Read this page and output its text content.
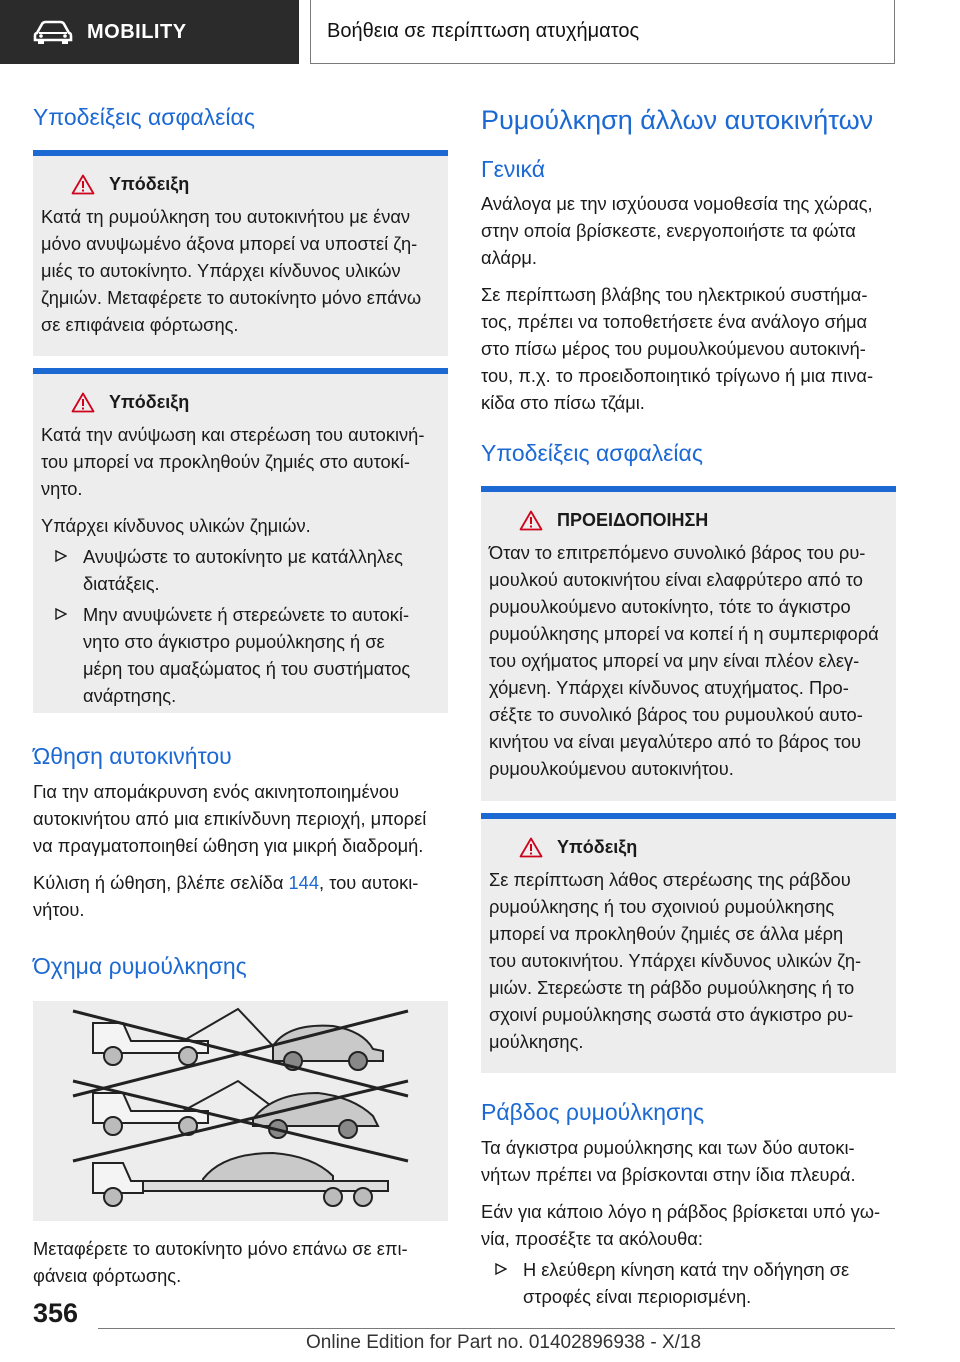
MOBILITY	Βοήθεια σε περίπτωση ατυχήματος
Υποδείξεις ασφαλείας
Υπόδειξη

Κατά τη ρυμούλκηση του αυτοκινήτου με έναν

μόνο ανυψωμένο άξονα μπορεί να υποστεί ζη‐

μιές το αυτοκίνητο. Υπάρχει κίνδυνος υλικών

ζημιών. Μεταφέρετε το αυτοκίνητο μόνο επάνω

σε επιφάνεια φόρτωσης.

Υπόδειξη

Κατά την ανύψωση και στερέωση του αυτοκινή‐

του μπορεί να προκληθούν ζημιές στο αυτοκί‐

νητο.

Υπάρχει κίνδυνος υλικών ζημιών.

Ανυψώστε το αυτοκίνητο με κατάλληλες
διατάξεις.
Μην ανυψώνετε ή στερεώνετε το αυτοκί‐
νητο στο άγκιστρο ρυμούλκησης ή σε
μέρη του αμαξώματος ή του συστήματος
ανάρτησης.
Ώθηση αυτοκινήτου

Για την απομάκρυνση ενός ακινητοποιημένου

αυτοκινήτου από μια επικίνδυνη περιοχή, μπορεί

να πραγματοποιηθεί ώθηση για μικρή διαδρομή.

Κύλιση ή ώθηση, βλέπε σελίδα 144, του αυτοκι‐

νήτου.

Όχημα ρυμούλκησης

Μεταφέρετε το αυτοκίνητο μόνο επάνω σε επι‐

φάνεια φόρτωσης.

Ρυμούλκηση άλλων αυτοκινήτων
Γενικά

Ανάλογα με την ισχύουσα νομοθεσία της χώρας,

στην οποία βρίσκεστε, ενεργοποιήστε τα φώτα

αλάρμ.

Σε περίπτωση βλάβης του ηλεκτρικού συστήμα‐

τος, πρέπει να τοποθετήσετε ένα ανάλογο σήμα

στο πίσω μέρος του ρυμουλκούμενου αυτοκινή‐

του, π.χ. το προειδοποιητικό τρίγωνο ή μια πινα‐

κίδα στο πίσω τζάμι.

Υποδείξεις ασφαλείας
ΠΡΟΕΙΔΟΠΟΙΗΣΗ

Όταν το επιτρεπόμενο συνολικό βάρος του ρυ‐

μουλκού αυτοκινήτου είναι ελαφρύτερο από το

ρυμουλκούμενο αυτοκίνητο, τότε το άγκιστρο

ρυμούλκησης μπορεί να κοπεί ή η συμπεριφορά

του οχήματος μπορεί να μην είναι πλέον ελεγ‐

χόμενη. Υπάρχει κίνδυνος ατυχήματος. Προ‐

σέξτε το συνολικό βάρος του ρυμουλκού αυτο‐

κινήτου να είναι μεγαλύτερο από το βάρος του

ρυμουλκούμενου αυτοκινήτου.

Υπόδειξη

Σε περίπτωση λάθος στερέωσης της ράβδου

ρυμούλκησης ή του σχοινιού ρυμούλκησης

μπορεί να προκληθούν ζημιές σε άλλα μέρη

του αυτοκινήτου. Υπάρχει κίνδυνος υλικών ζη‐

μιών. Στερεώστε τη ράβδο ρυμούλκησης ή το

σχοινί ρυμούλκησης σωστά στο άγκιστρο ρυ‐

μούλκησης.

Ράβδος ρυμούλκησης

Τα άγκιστρα ρυμούλκησης και των δύο αυτοκι‐

νήτων πρέπει να βρίσκονται στην ίδια πλευρά.

Εάν για κάποιο λόγο η ράβδος βρίσκεται υπό γω‐

νία, προσέξτε τα ακόλουθα:

Η ελεύθερη κίνηση κατά την οδήγηση σε
στροφές είναι περιορισμένη.
356
Online Edition for Part no. 01402896938 - X/18
